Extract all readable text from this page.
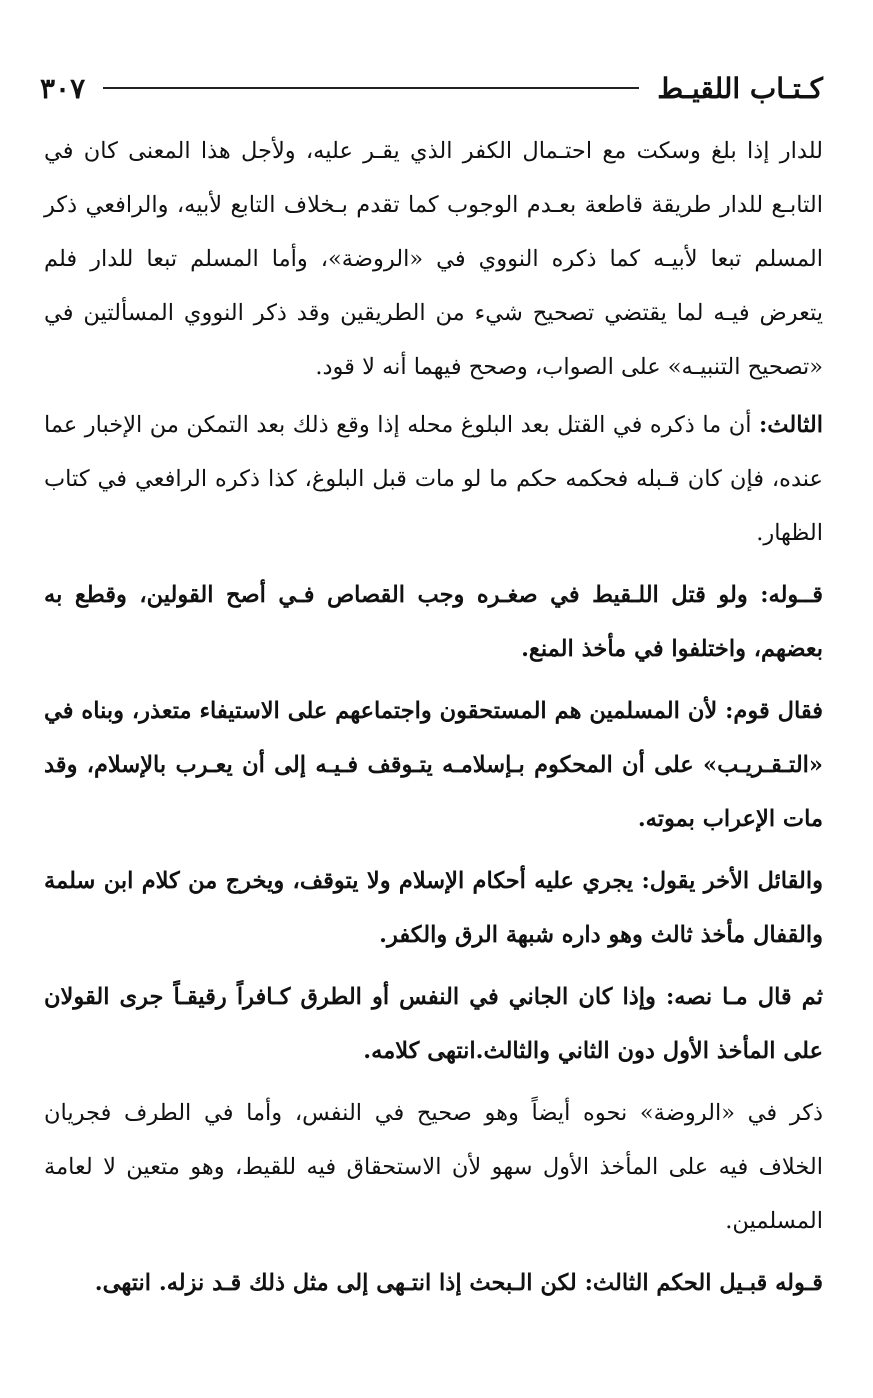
كـتـاب اللقيـط
٣٠٧

للدار إذا بلغ وسكت مع احتـمال الكفر الذي يقـر عليه، ولأجل هذا المعنى كان في التابـع للدار طريقة قاطعة بعـدم الوجوب كما تقدم بـخلاف التابع لأبيه، والرافعي ذكر المسلم تبعا لأبيـه كما ذكره النووي في «الروضة»، وأما المسلم تبعا للدار فلم يتعرض فيـه لما يقتضي تصحيح شيء من الطريقين وقد ذكر النووي المسألتين في «تصحيح التنبيـه» على الصواب، وصحح فيهما أنه لا قود.

الثالث: أن ما ذكره في القتل بعد البلوغ محله إذا وقع ذلك بعد التمكن من الإخبار عما عنده، فإن كان قـبله فحكمه حكم ما لو مات قبل البلوغ، كذا ذكره الرافعي في كتاب الظهار.

قــوله: ولو قتل اللـقيط في صغـره وجب القصاص فـي أصح القولين، وقطع به بعضهم، واختلفوا في مأخذ المنع.

فقال قوم: لأن المسلمين هم المستحقون واجتماعهم على الاستيفاء متعذر، وبناه في «التـقـريـب» على أن المحكوم بـإسلامـه يتـوقف فـيـه إلى أن يعـرب بالإسلام، وقد مات الإعراب بموته.

والقائل الأخر يقول: يجري عليه أحكام الإسلام ولا يتوقف، ويخرج من كلام ابن سلمة والقفال مأخذ ثالث وهو داره شبهة الرق والكفر.

ثم قال مـا نصه: وإذا كان الجاني في النفس أو الطرق كـافراً رقيقـاً جرى القولان على المأخذ الأول دون الثاني والثالث.انتهى كلامه.

ذكر في «الروضة» نحوه أيضاً وهو صحيح في النفس، وأما في الطرف فجريان الخلاف فيه على المأخذ الأول سهو لأن الاستحقاق فيه للقيط، وهو متعين لا لعامة المسلمين.

قـوله قبـيل الحكم الثالث: لكن الـبحث إذا انتـهى إلى مثل ذلك قـد نزله. انتهى.
